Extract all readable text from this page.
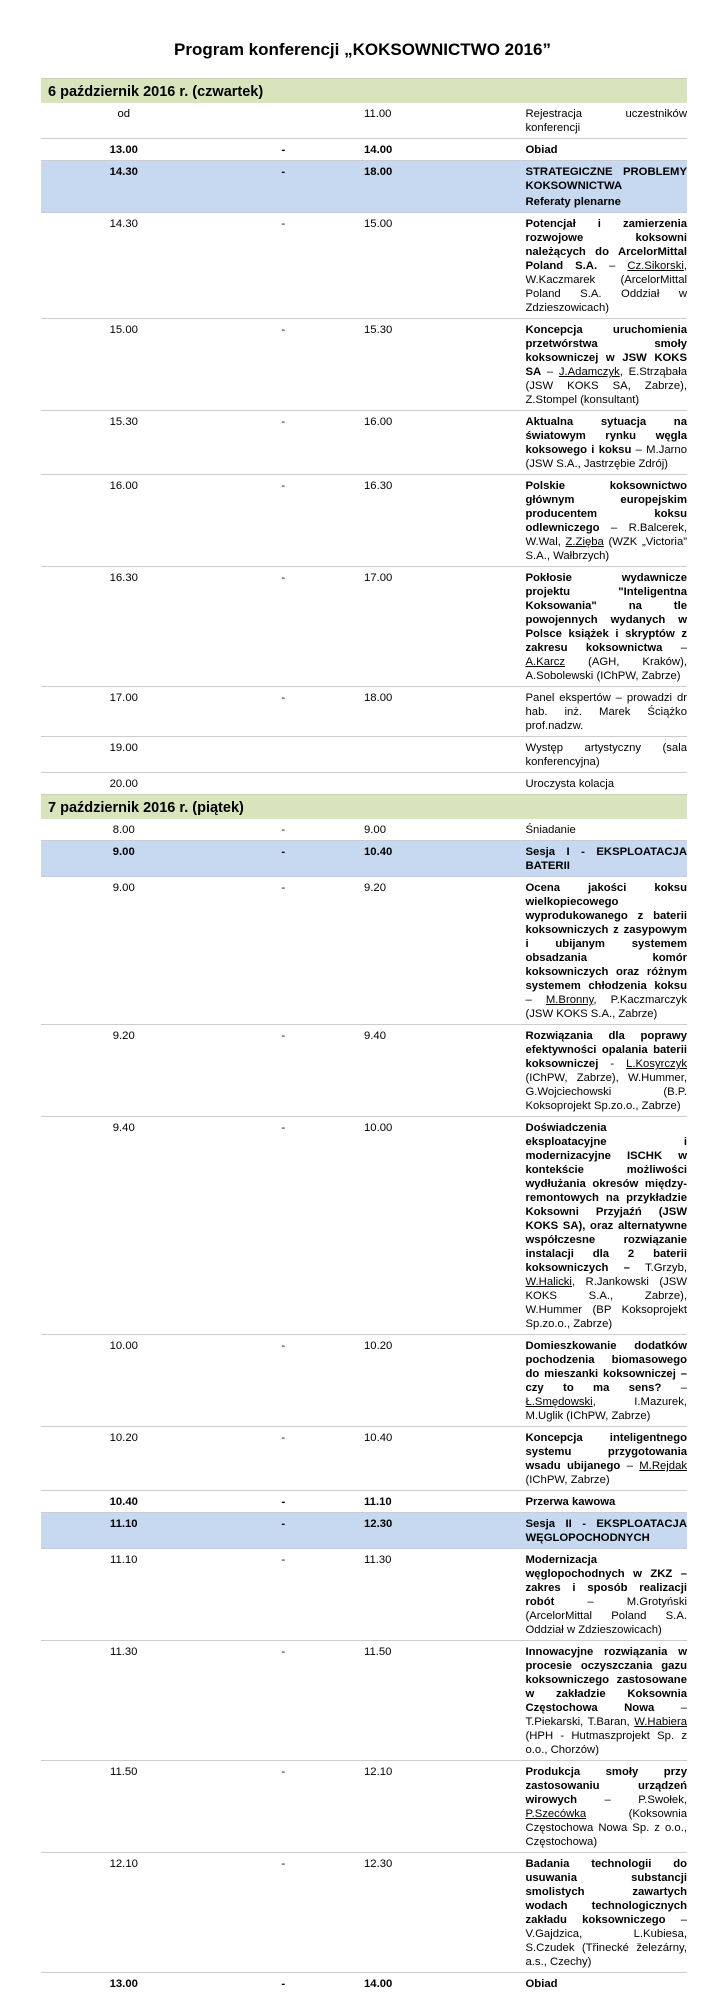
Program konferencji „KOKSOWNICTWO 2016”
6 październik 2016 r. (czwartek)			
od		11.00	Rejestracja uczestników konferencji
13.00	-	14.00	Obiad
14.30	-	18.00	STRATEGICZNE PROBLEMY KOKSOWNICTWA
Referaty plenarne

14.30	-	15.00	Potencjał i zamierzenia rozwojowe koksowni należących do ArcelorMittal Poland S.A. – Cz.Sikorski, W.Kaczmarek (ArcelorMittal Poland S.A. Oddział w Zdzieszowicach)
15.00	-	15.30	Koncepcja uruchomienia przetwórstwa smoły koksowniczej w JSW KOKS SA – J.Adamczyk, E.Strząbała (JSW KOKS SA, Zabrze), Z.Stompel (konsultant)
15.30	-	16.00	Aktualna sytuacja na światowym rynku węgla koksowego i koksu – M.Jarno (JSW S.A., Jastrzębie Zdrój)
16.00	-	16.30	Polskie koksownictwo głównym europejskim producentem koksu odlewniczego – R.Balcerek, W.Wal, Z.Zięba (WZK „Victoria” S.A., Wałbrzych)
16.30	-	17.00	Pokłosie wydawnicze projektu "Inteligentna Koksowania" na tle powojennych wydanych w Polsce książek i skryptów z zakresu koksownictwa – A.Karcz (AGH, Kraków), A.Sobolewski (IChPW, Zabrze)
17.00	-	18.00	Panel ekspertów – prowadzi dr hab. inż. Marek Ściążko prof.nadzw.
19.00			Występ artystyczny (sala konferencyjna)
20.00			Uroczysta kolacja
7 październik 2016 r. (piątek)			
8.00	-	9.00	Śniadanie
9.00	-	10.40	Sesja I - EKSPLOATACJA BATERII
9.00	-	9.20	Ocena jakości koksu wielkopiecowego wyprodukowanego z baterii koksowniczych z zasypowym i ubijanym systemem obsadzania komór koksowniczych oraz różnym systemem chłodzenia koksu – M.Bronny, P.Kaczmarczyk (JSW KOKS S.A., Zabrze)
9.20	-	9.40	Rozwiązania dla poprawy efektywności opalania baterii koksowniczej - L.Kosyrczyk (IChPW, Zabrze), W.Hummer, G.Wojciechowski (B.P. Koksoprojekt Sp.zo.o., Zabrze)
9.40	-	10.00	Doświadczenia eksploatacyjne i modernizacyjne ISCHK w kontekście możliwości wydłużania okresów między-remontowych na przykładzie Koksowni Przyjaźń (JSW KOKS SA), oraz alternatywne współczesne rozwiązanie instalacji dla 2 baterii koksowniczych – T.Grzyb, W.Halicki, R.Jankowski (JSW KOKS S.A., Zabrze), W.Hummer (BP Koksoprojekt Sp.zo.o., Zabrze)
10.00	-	10.20	Domieszkowanie dodatków pochodzenia biomasowego do mieszanki koksowniczej – czy to ma sens? – Ł.Smędowski, I.Mazurek, M.Uglik (IChPW, Zabrze)
10.20	-	10.40	Koncepcja inteligentnego systemu przygotowania wsadu ubijanego – M.Rejdak (IChPW, Zabrze)
10.40	-	11.10	Przerwa kawowa
11.10	-	12.30	Sesja II - EKSPLOATACJA WĘGLOPOCHODNYCH
11.10	-	11.30	Modernizacja węglopochodnych w ZKZ – zakres i sposób realizacji robót – M.Grotyński (ArcelorMittal Poland S.A. Oddział w Zdzieszowicach)
11.30	-	11.50	Innowacyjne rozwiązania w procesie oczyszczania gazu koksowniczego zastosowane w zakładzie Koksownia Częstochowa Nowa – T.Piekarski, T.Baran, W.Habiera (HPH - Hutmaszprojekt Sp. z o.o., Chorzów)
11.50	-	12.10	Produkcja smoły przy zastosowaniu urządzeń wirowych – P.Swołek, P.Szecówka (Koksownia Częstochowa Nowa Sp. z o.o., Częstochowa)
12.10	-	12.30	Badania technologii do usuwania substancji smolistych zawartych wodach technologicznych zakładu koksowniczego – V.Gajdzica, L.Kubiesa, S.Czudek (Třinecké železárny, a.s., Czechy)
13.00	-	14.00	Obiad
